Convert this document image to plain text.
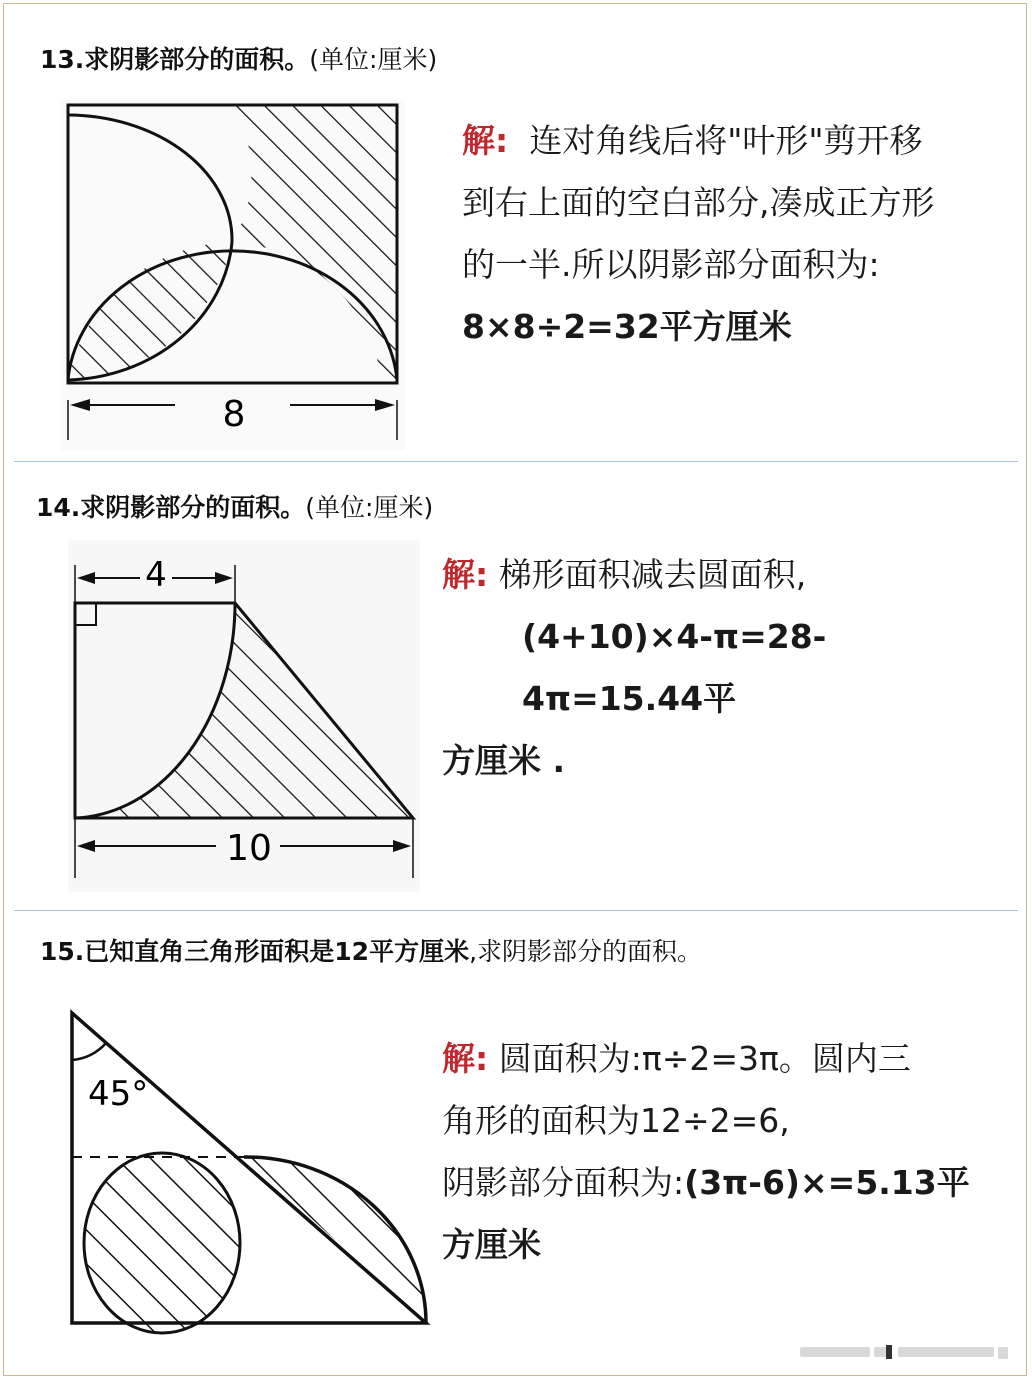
13.求阴影部分的面积。(单位:厘米)
8
解: 连对角线后将"叶形"剪开移
到右上面的空白部分,凑成正方形
的一半.所以阴影部分面积为:
8×8÷2=32平方厘米
14.求阴影部分的面积。(单位:厘米)
4
10
解: 梯形面积减去圆面积,
(4+10)×4-π=28-4π=15.44平
方厘米 .
15.已知直角三角形面积是12平方厘米,求阴影部分的面积。
45°
解: 圆面积为:π÷2=3π。圆内三
角形的面积为12÷2=6,
阴影部分面积为:(3π-6)×=5.13平
方厘米
